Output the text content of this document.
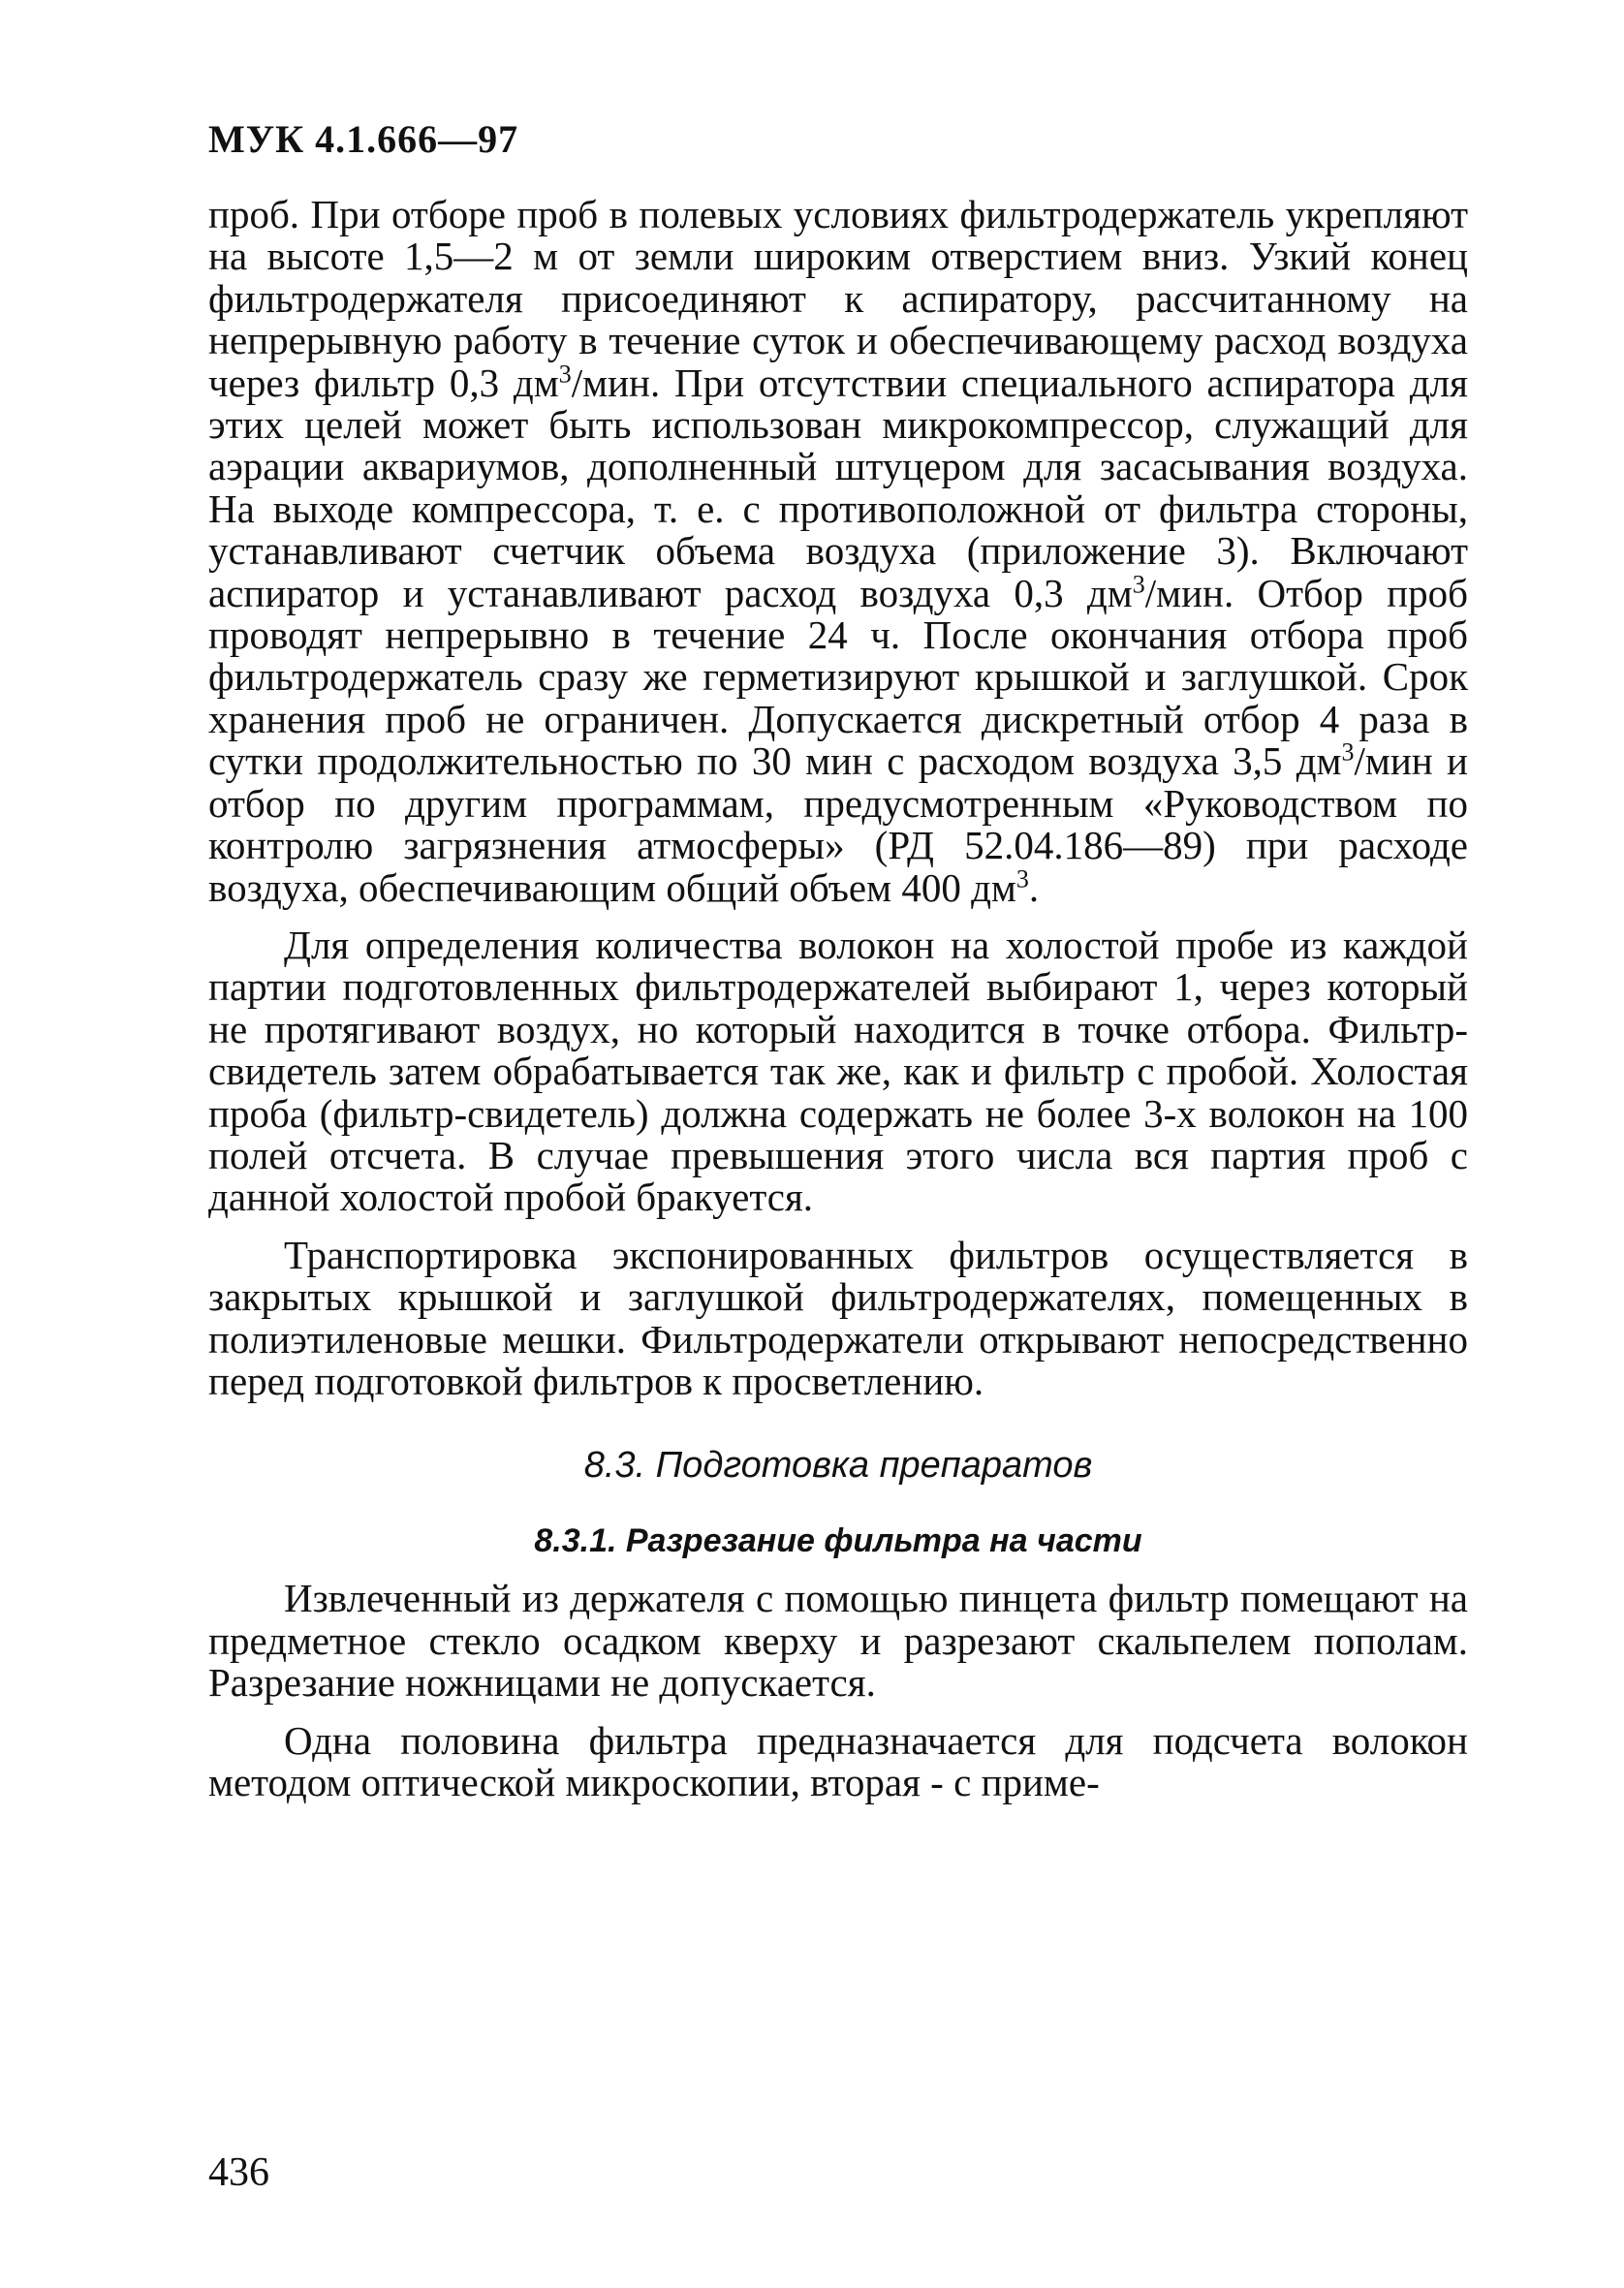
МУК 4.1.666—97

проб. При отборе проб в полевых условиях фильтродержатель укрепляют на высоте 1,5—2 м от земли широким отверстием вниз. Узкий конец фильтродержателя присоединяют к аспиратору, рассчитанному на непрерывную работу в течение суток и обеспечивающему расход воздуха через фильтр 0,3 $дм^3$/мин. При отсутствии специального аспиратора для этих целей может быть использован микрокомпрессор, служащий для аэрации аквариумов, дополненный штуцером для засасывания воздуха. На выходе компрессора, т. е. с противоположной от фильтра стороны, устанавливают счетчик объема воздуха (приложение 3). Включают аспиратор и устанавливают расход воздуха 0,3 $дм^3$/мин. Отбор проб проводят непрерывно в течение 24 ч. После окончания отбора проб фильтродержатель сразу же герметизируют крышкой и заглушкой. Срок хранения проб не ограничен. Допускается дискретный отбор 4 раза в сутки продолжительностью по 30 мин с расходом воздуха 3,5 $дм^3$/мин и отбор по другим программам, предусмотренным «Руководством по контролю загрязнения атмосферы» (РД 52.04.186—89) при расходе воздуха, обеспечивающим общий объем 400 $дм^3$.

Для определения количества волокон на холостой пробе из каждой партии подготовленных фильтродержателей выбирают 1, через который не протягивают воздух, но который находится в точке отбора. Фильтр-свидетель затем обрабатывается так же, как и фильтр с пробой. Холостая проба (фильтр-свидетель) должна содержать не более 3-х волокон на 100 полей отсчета. В случае превышения этого числа вся партия проб с данной холостой пробой бракуется.

Транспортировка экспонированных фильтров осуществляется в закрытых крышкой и заглушкой фильтродержателях, помещенных в полиэтиленовые мешки. Фильтродержатели открывают непосредственно перед подготовкой фильтров к просветлению.

8.3. Подготовка препаратов
8.3.1. Разрезание фильтра на части

Извлеченный из держателя с помощью пинцета фильтр помещают на предметное стекло осадком кверху и разрезают скальпелем пополам. Разрезание ножницами не допускается.

Одна половина фильтра предназначается для подсчета волокон методом оптической микроскопии, вторая - с приме-

436
